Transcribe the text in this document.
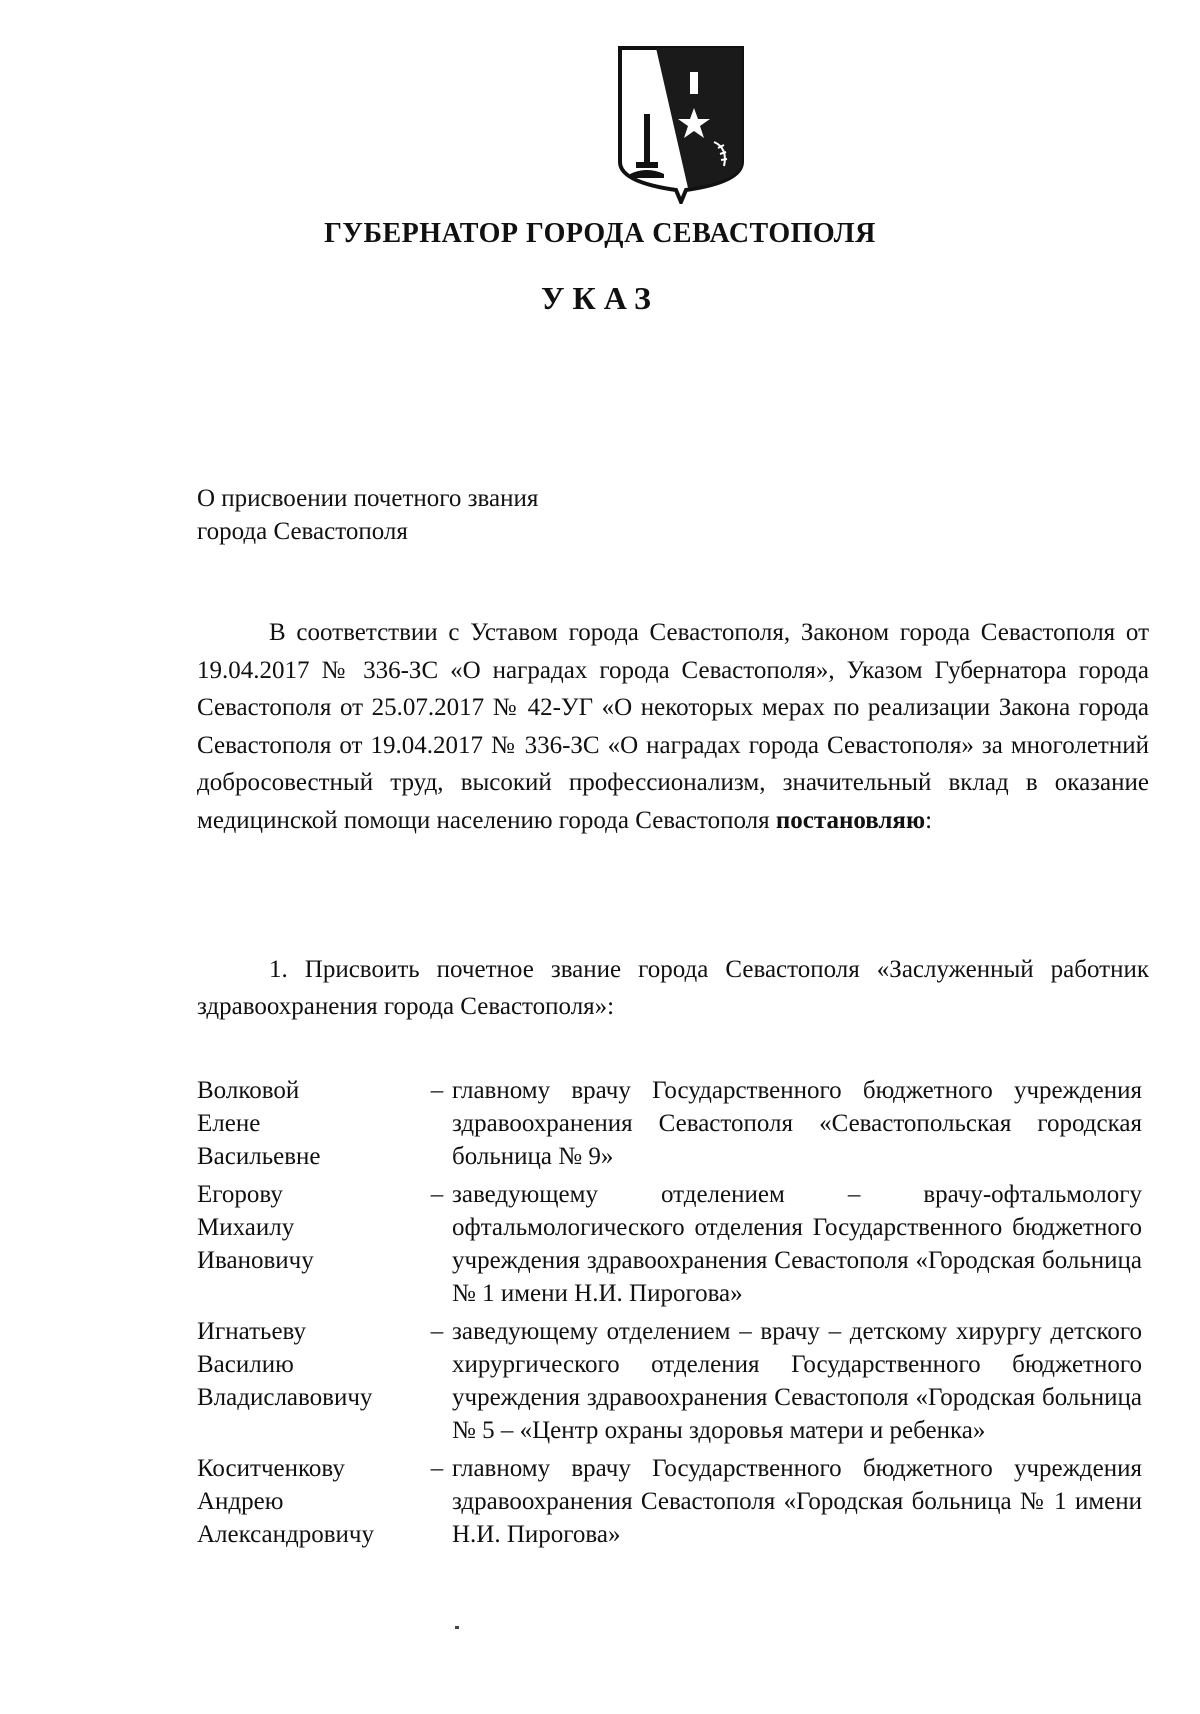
ГУБЕРНАТОР ГОРОДА СЕВАСТОПОЛЯ
УКАЗ
О присвоении почетного звания
города Севастополя

В соответствии с Уставом города Севастополя, Законом города Севастополя от 19.04.2017 № 336-ЗС «О наградах города Севастополя», Указом Губернатора города Севастополя от 25.07.2017 № 42-УГ «О некоторых мерах по реализации Закона города Севастополя от 19.04.2017 № 336-ЗС «О наградах города Севастополя» за многолетний добросовестный труд, высокий профессионализм, значительный вклад в оказание медицинской помощи населению города Севастополя постановляю:

1. Присвоить почетное звание города Севастополя «Заслуженный работник здравоохранения города Севастополя»:

Волковой
Елене
Васильевне
– главному врачу Государственного бюджетного учреждения здравоохранения Севастополя «Севастопольская городская больница № 9»
Егорову
Михаилу
Ивановичу
– заведующему отделением – врачу-офтальмологу офтальмологического отделения Государственного бюджетного учреждения здравоохранения Севастополя «Городская больница № 1 имени Н.И. Пирогова»
Игнатьеву
Василию
Владиславовичу
– заведующему отделением – врачу – детскому хирургу детского хирургического отделения Государственного бюджетного учреждения здравоохранения Севастополя «Городская больница № 5 – «Центр охраны здоровья матери и ребенка»
Коситченкову
Андрею
Александровичу
– главному врачу Государственного бюджетного учреждения здравоохранения Севастополя «Городская больница № 1 имени Н.И. Пирогова»
